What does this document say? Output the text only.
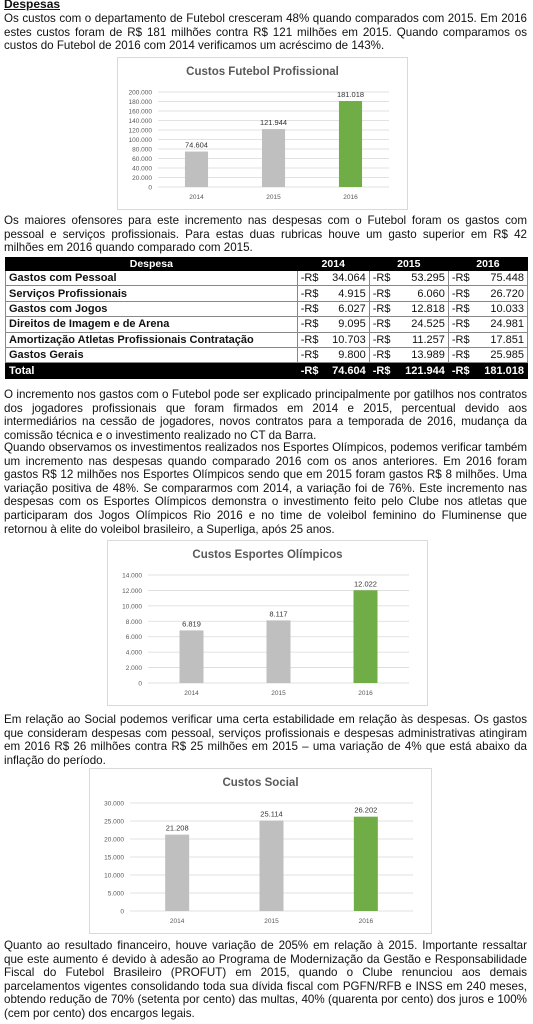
Despesas

Os custos com o departamento de Futebol cresceram 48% quando comparados com 2015. Em 2016 estes custos foram de R$ 181 milhões contra R$ 121 milhões em 2015. Quando comparamos os custos do Futebol de 2016 com 2014 verificamos um acréscimo de 143%.

Custos Futebol Profissional
0
20.000
40.000
60.000
80.000
100.000
120.000
140.000
160.000
180.000
200.000
74.604
2014
121.944
2015
181.018
2016

Os maiores ofensores para este incremento nas despesas com o Futebol foram os gastos com pessoal e serviços profissionais. Para estas duas rubricas houve um gasto superior em R$ 42 milhões em 2016 quando comparado com 2015.

Despesa	2014		2015		2016	
Gastos com Pessoal	-R$	34.064	-R$	53.295	-R$	75.448
Serviços Profissionais	-R$	4.915	-R$	6.060	-R$	26.720
Gastos com Jogos	-R$	6.027	-R$	12.818	-R$	10.033
Direitos de Imagem e de Arena	-R$	9.095	-R$	24.525	-R$	24.981
Amortização Atletas Profissionais Contratação	-R$	10.703	-R$	11.257	-R$	17.851
Gastos Gerais	-R$	9.800	-R$	13.989	-R$	25.985
Total	-R$	74.604	-R$	121.944	-R$	181.018

O incremento nos gastos com o Futebol pode ser explicado principalmente por gatilhos nos contratos dos jogadores profissionais que foram firmados em 2014 e 2015, percentual devido aos intermediários na cessão de jogadores, novos contratos para a temporada de 2016, mudança da comissão técnica e o investimento realizado no CT da Barra.

Quando observamos os investimentos realizados nos Esportes Olímpicos, podemos verificar também um incremento nas despesas quando comparado 2016 com os anos anteriores. Em 2016 foram gastos R$ 12 milhões nos Esportes Olímpicos sendo que em 2015 foram gastos R$ 8 milhões. Uma variação positiva de 48%. Se compararmos com 2014, a variação foi de 76%. Este incremento nas despesas com os Esportes Olímpicos demonstra o investimento feito pelo Clube nos atletas que participaram dos Jogos Olímpicos Rio 2016 e no time de voleibol feminino do Fluminense que retornou à elite do voleibol brasileiro, a Superliga, após 25 anos.

Custos Esportes Olímpicos
0
2.000
4.000
6.000
8.000
10.000
12.000
14.000
6.819
2014
8.117
2015
12.022
2016

Em relação ao Social podemos verificar uma certa estabilidade em relação às despesas. Os gastos que consideram despesas com pessoal, serviços profissionais e despesas administrativas atingiram em 2016 R$ 26 milhões contra R$ 25 milhões em 2015 – uma variação de 4% que está abaixo da inflação do período.

Custos Social
0
5.000
10.000
15.000
20.000
25.000
30.000
21.208
2014
25.114
2015
26.202
2016

Quanto ao resultado financeiro, houve variação de 205% em relação à 2015. Importante ressaltar que este aumento é devido à adesão ao Programa de Modernização da Gestão e Responsabilidade Fiscal do Futebol Brasileiro (PROFUT) em 2015, quando o Clube renunciou aos demais parcelamentos vigentes consolidando toda sua dívida fiscal com PGFN/RFB e INSS em 240 meses, obtendo redução de 70% (setenta por cento) das multas, 40% (quarenta por cento) dos juros e 100% (cem por cento) dos encargos legais.
